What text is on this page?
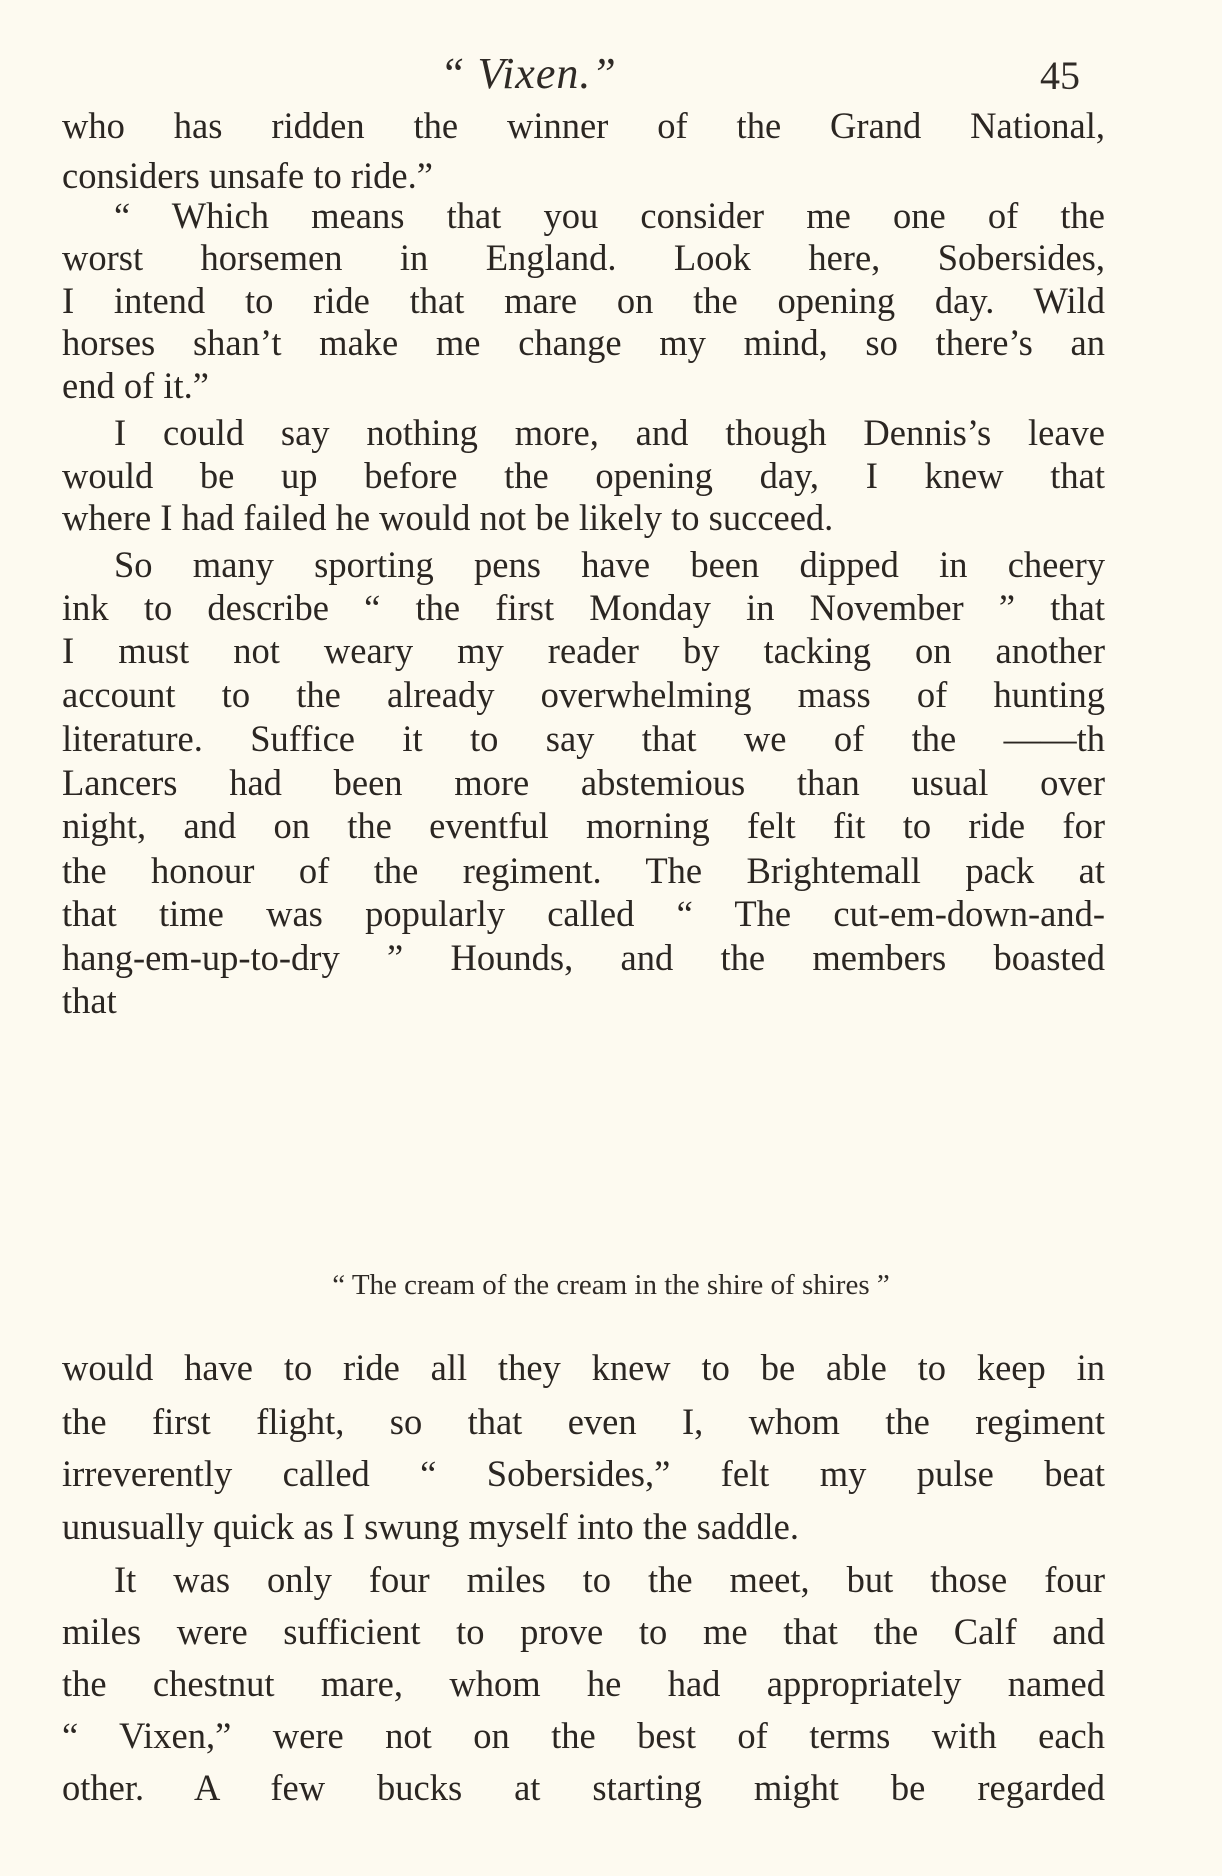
“ Vixen.”	45
who has ridden the winner of the Grand National,
considers unsafe to ride.”
“ Which means that you consider me one of the
worst horsemen in England. Look here, Sobersides,
I intend to ride that mare on the opening day. Wild
horses shan’t make me change my mind, so there’s an
end of it.”
I could say nothing more, and though Dennis’s leave
would be up before the opening day, I knew that
where I had failed he would not be likely to succeed.
So many sporting pens have been dipped in cheery
ink to describe “ the first Monday in November ” that
I must not weary my reader by tacking on another
account to the already overwhelming mass of hunting
literature. Suffice it to say that we of the ——th
Lancers had been more abstemious than usual over
night, and on the eventful morning felt fit to ride for
the honour of the regiment. The Brightemall pack at
that time was popularly called “ The cut-em-down-and-
hang-em-up-to-dry ” Hounds, and the members boasted
that
“ The cream of the cream in the shire of shires ”
would have to ride all they knew to be able to keep in
the first flight, so that even I, whom the regiment
irreverently called “ Sobersides,” felt my pulse beat
unusually quick as I swung myself into the saddle.
It was only four miles to the meet, but those four
miles were sufficient to prove to me that the Calf and
the chestnut mare, whom he had appropriately named
“ Vixen,” were not on the best of terms with each
other. A few bucks at starting might be regarded
